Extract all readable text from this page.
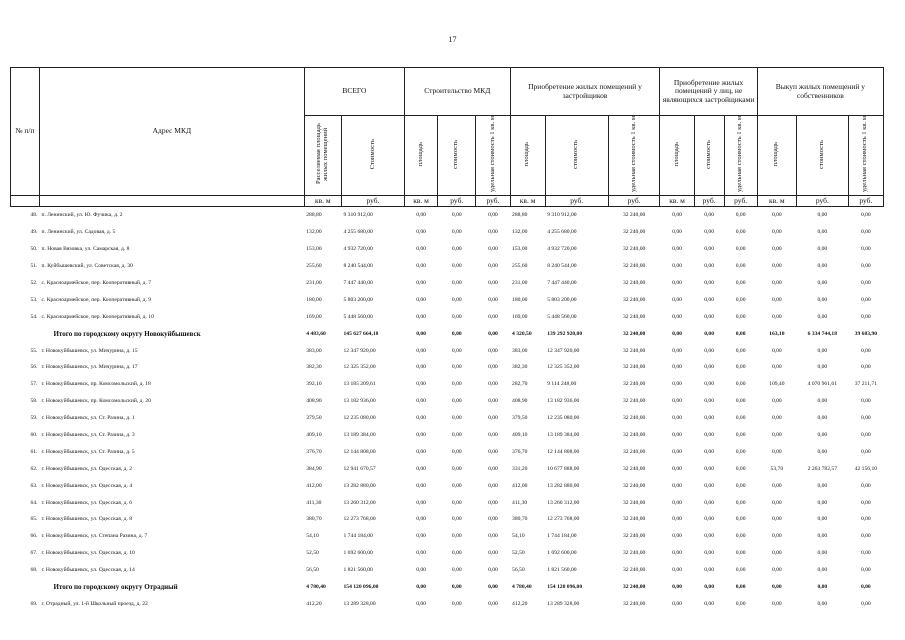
17
№ п/п	Адрес МКД	ВСЕГО		Строительство МКД			Приобретение жилых помещений у застройщиков			Приобретение жилых помещений у лиц, не являющихся застройщиками			Выкуп жилых помещений у собственников		
		Расселяемая площадь жилых помещений	Стоимость	площадь	стоимость	удельная стоимость 1 кв. м	площадь	стоимость	удельная стоимость 1 кв. м	площадь	стоимость	удельная стоимость 1 кв. м	площадь	стоимость	удельная стоимость 1 кв. м
		кв. м	руб.	кв. м	руб.	руб.	кв. м	руб.	руб.	кв. м	руб.	руб.	кв. м	руб.	руб.
48.	п. Ленинский, ул. Ю. Фучика, д. 2	288,80	9 310 912,00	0,00	0,00	0,00	288,80	9 310 912,00	32 240,00	0,00	0,00	0,00	0,00	0,00	0,00
49.	п. Ленинский, ул. Садовая, д. 5	132,00	4 255 680,00	0,00	0,00	0,00	132,00	4 255 680,00	32 240,00	0,00	0,00	0,00	0,00	0,00	0,00
50.	п. Новая Вязовка, ул. Самарская, д. 8	153,00	4 932 720,00	0,00	0,00	0,00	153,00	4 932 720,00	32 240,00	0,00	0,00	0,00	0,00	0,00	0,00
51.	п. Куйбышевский, ул. Советская, д. 30	255,60	8 240 544,00	0,00	0,00	0,00	255,60	8 240 544,00	32 240,00	0,00	0,00	0,00	0,00	0,00	0,00
52.	с. Красноармейское, пер. Кооперативный, д. 7	231,00	7 447 440,00	0,00	0,00	0,00	231,00	7 447 440,00	32 240,00	0,00	0,00	0,00	0,00	0,00	0,00
53.	с. Красноармейское, пер. Кооперативный, д. 9	180,00	5 803 200,00	0,00	0,00	0,00	180,00	5 803 200,00	32 240,00	0,00	0,00	0,00	0,00	0,00	0,00
54.	с. Красноармейское, пер. Кооперативный, д. 10	169,00	5 448 560,00	0,00	0,00	0,00	169,00	5 448 560,00	32 240,00	0,00	0,00	0,00	0,00	0,00	0,00
	Итого по городскому округу Новокуйбышевск	4 483,60	145 627 664,18	0,00	0,00	0,00	4 320,50	139 292 920,00	32 240,00	0,00	0,00	0,00	163,10	6 334 744,18	39 683,90
55.	г. Новокуйбышевск, ул. Мичурина, д. 15	383,00	12 347 920,00	0,00	0,00	0,00	383,00	12 347 920,00	32 240,00	0,00	0,00	0,00	0,00	0,00	0,00
56.	г. Новокуйбышевск, ул. Мичурина, д. 17	382,30	12 325 352,00	0,00	0,00	0,00	382,30	12 325 352,00	32 240,00	0,00	0,00	0,00	0,00	0,00	0,00
57.	г. Новокуйбышевск, пр. Комсомольский, д. 18	392,10	13 185 209,61	0,00	0,00	0,00	282,70	9 114 248,00	32 240,00	0,00	0,00	0,00	109,40	4 070 961,61	37 211,71
58.	г. Новокуйбышевск, пр. Комсомольский, д. 20	408,90	13 182 936,00	0,00	0,00	0,00	408,90	13 182 936,00	32 240,00	0,00	0,00	0,00	0,00	0,00	0,00
59.	г. Новокуйбышевск, ул. Ст. Разина, д. 1	379,50	12 235 080,00	0,00	0,00	0,00	379,50	12 235 080,00	32 240,00	0,00	0,00	0,00	0,00	0,00	0,00
60.	г. Новокуйбышевск, ул. Ст. Разина, д. 3	409,10	13 189 384,00	0,00	0,00	0,00	409,10	13 189 384,00	32 240,00	0,00	0,00	0,00	0,00	0,00	0,00
61.	г. Новокуйбышевск, ул. Ст. Разина, д. 5	376,70	12 144 808,00	0,00	0,00	0,00	376,70	12 144 808,00	32 240,00	0,00	0,00	0,00	0,00	0,00	0,00
62.	г. Новокуйбышевск, ул. Одесская, д. 2	384,90	12 941 670,57	0,00	0,00	0,00	331,20	10 677 888,00	32 240,00	0,00	0,00	0,00	53,70	2 263 782,57	42 156,10
63.	г. Новокуйбышевск, ул. Одесская, д. 4	412,00	13 282 880,00	0,00	0,00	0,00	412,00	13 282 880,00	32 240,00	0,00	0,00	0,00	0,00	0,00	0,00
64.	г. Новокуйбышевск, ул. Одесская, д. 6	411,30	13 260 312,00	0,00	0,00	0,00	411,30	13 260 312,00	32 240,00	0,00	0,00	0,00	0,00	0,00	0,00
65.	г. Новокуйбышевск, ул. Одесская, д. 8	380,70	12 273 768,00	0,00	0,00	0,00	380,70	12 273 768,00	32 240,00	0,00	0,00	0,00	0,00	0,00	0,00
66.	г. Новокуйбышевск, ул. Степана Разина, д. 7	54,10	1 744 184,00	0,00	0,00	0,00	54,10	1 744 184,00	32 240,00	0,00	0,00	0,00	0,00	0,00	0,00
67.	г. Новокуйбышевск, ул. Одесская, д. 10	52,50	1 692 600,00	0,00	0,00	0,00	52,50	1 692 600,00	32 240,00	0,00	0,00	0,00	0,00	0,00	0,00
68.	г. Новокуйбышевск, ул. Одесская, д. 14	56,50	1 821 560,00	0,00	0,00	0,00	56,50	1 821 560,00	32 240,00	0,00	0,00	0,00	0,00	0,00	0,00
	Итого по городскому округу Отрадный	4 780,40	154 120 096,00	0,00	0,00	0,00	4 780,40	154 120 096,00	32 240,00	0,00	0,00	0,00	0,00	0,00	0,00
69.	г. Отрадный, ул. 1-й Школьный проезд, д. 22	412,20	13 289 328,00	0,00	0,00	0,00	412,20	13 289 328,00	32 240,00	0,00	0,00	0,00	0,00	0,00	0,00
